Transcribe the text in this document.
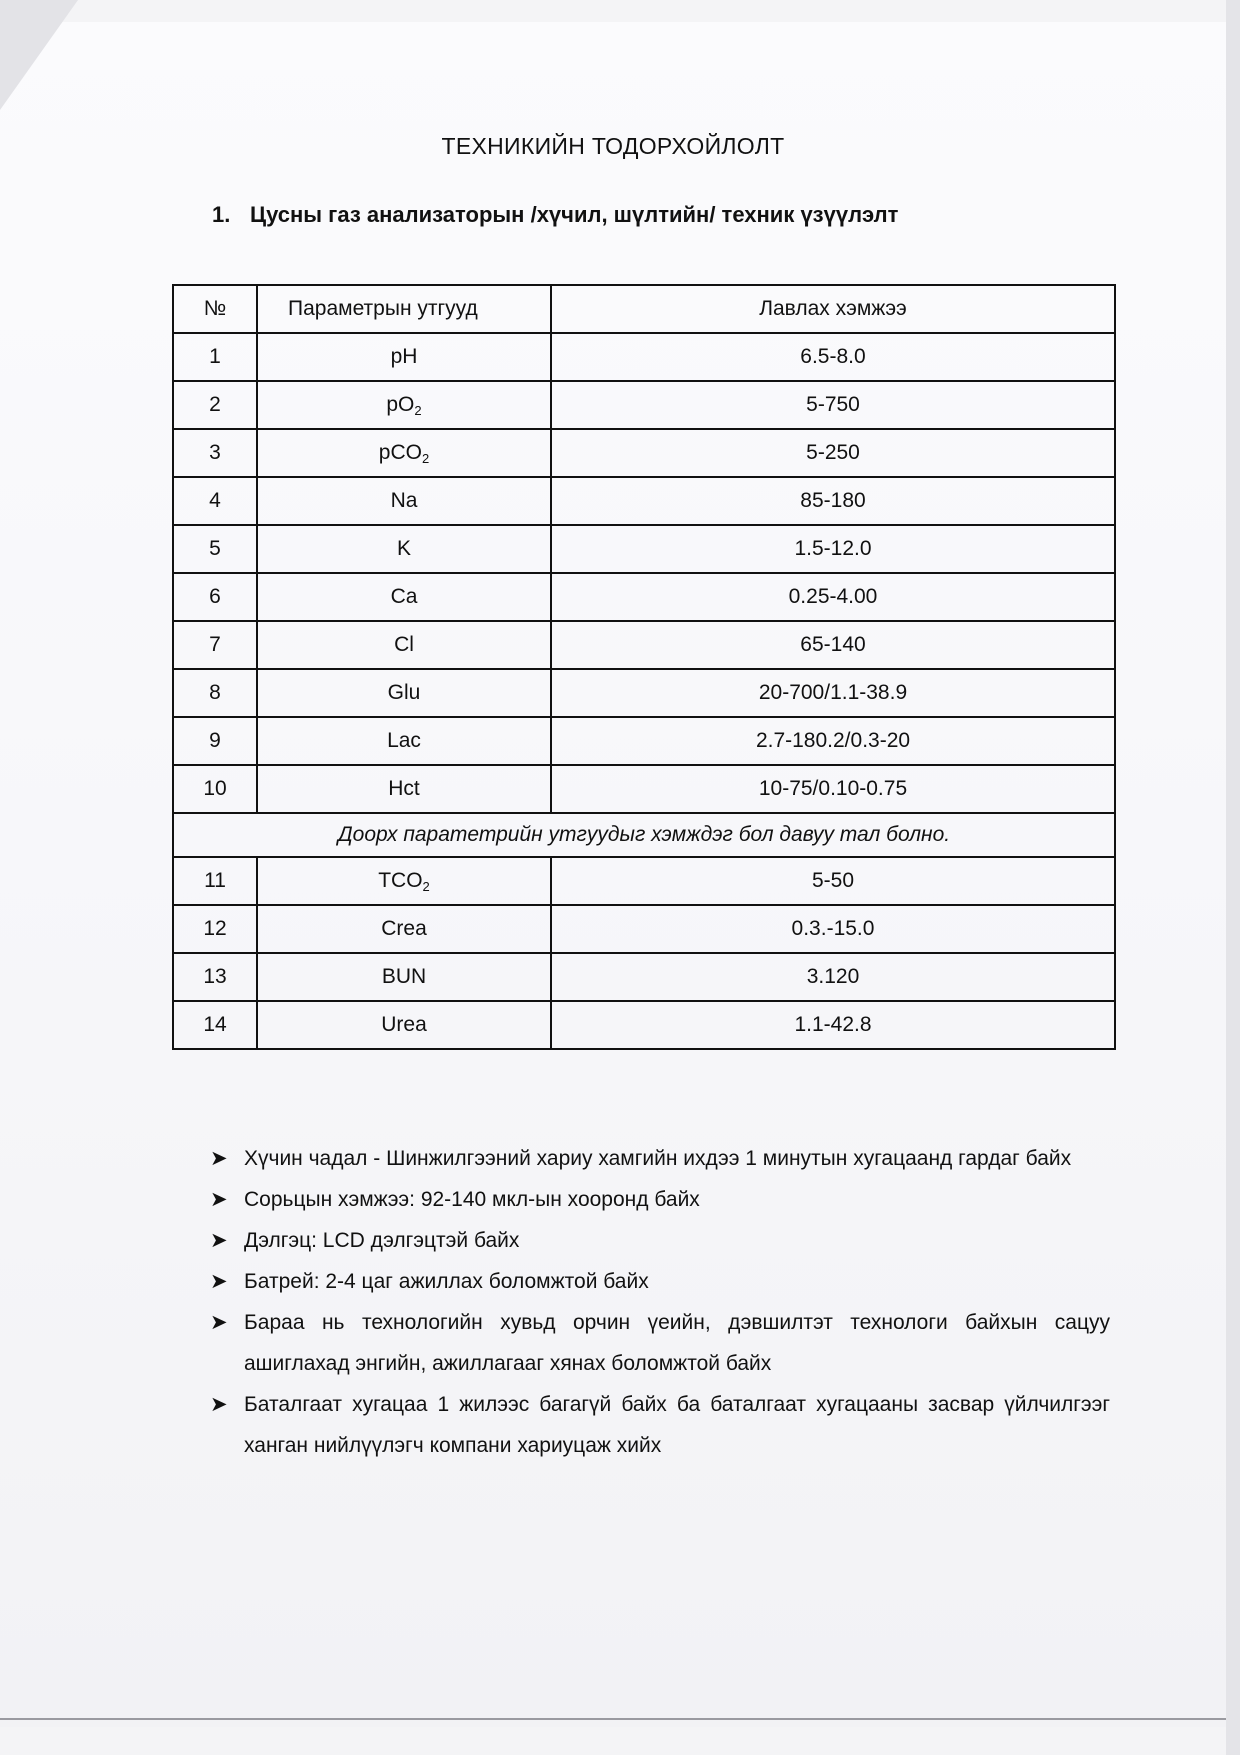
ТЕХНИКИЙН ТОДОРХОЙЛОЛТ
1. Цусны газ анализаторын /хүчил, шүлтийн/ техник үзүүлэлт
№	Параметрын утгууд	Лавлах хэмжээ
1	pH	6.5-8.0
2	$pO_2$	5-750
3	pCO$_2$	5-250
4	Na	85-180
5	K	1.5-12.0
6	Ca	0.25-4.00
7	Cl	65-140
8	Glu	20-700/1.1-38.9
9	Lac	2.7-180.2/0.3-20
10	Hct	10-75/0.10-0.75
Доорх паратетрийн утгуудыг хэмждэг бол давуу тал болно.		
11	$TCO_2$	5-50
12	Crea	0.3.-15.0
13	BUN	3.120
14	Urea	1.1-42.8
➤ Хүчин чадал - Шинжилгээний хариу хамгийн ихдээ 1 минутын хугацаанд гардаг байх
➤ Сорьцын хэмжээ: 92-140 мкл-ын хооронд байх
➤ Дэлгэц: LCD дэлгэцтэй байх
➤ Батрей: 2-4 цаг ажиллах боломжтой байх
➤ Бараа нь технологийн хувьд орчин үеийн, дэвшилтэт технологи байхын сацуу ашиглахад энгийн, ажиллагааг хянах боломжтой байх
➤ Баталгаат хугацаа 1 жилээс багагүй байх ба баталгаат хугацааны засвар үйлчилгээг ханган нийлүүлэгч компани хариуцаж хийх
